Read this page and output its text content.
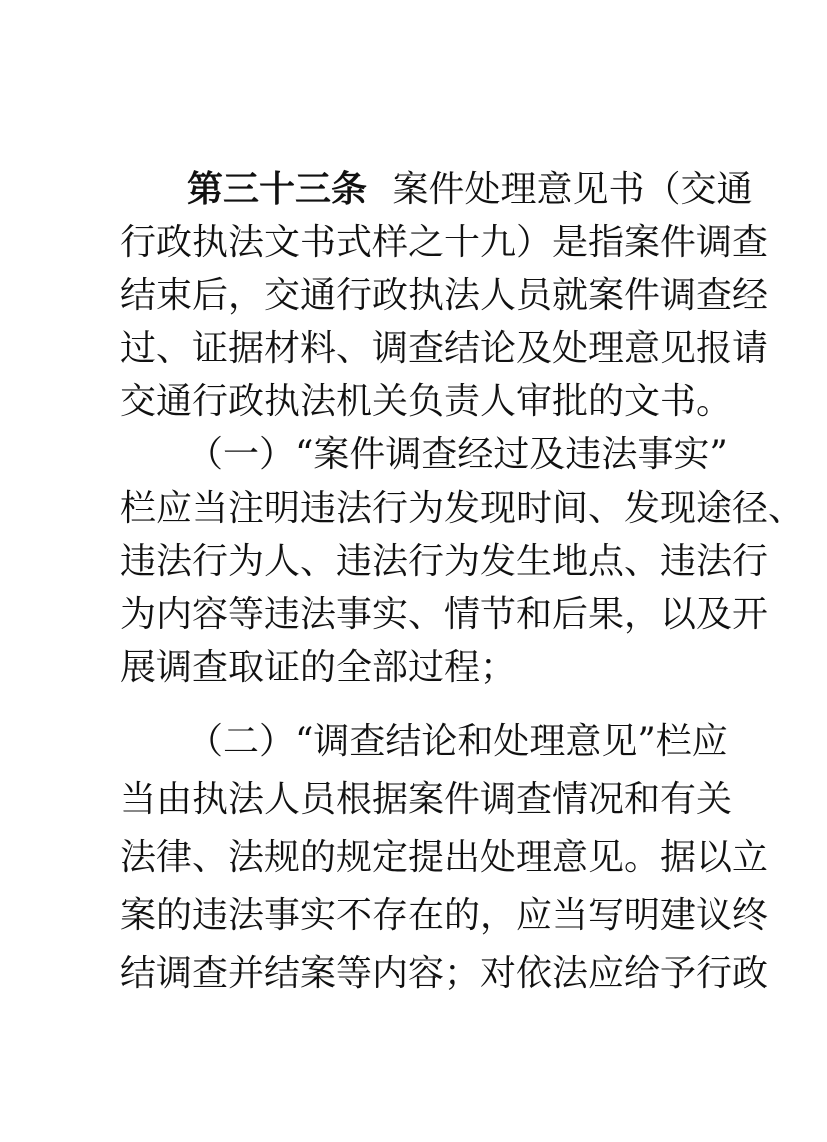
第三十三条 案件处理意见书（交通
行政执法文书式样之十九）是指案件调查
结束后，交通行政执法人员就案件调查经
过、证据材料、调查结论及处理意见报请
交通行政执法机关负责人审批的文书。
（一）“案件调查经过及违法事实”
栏应当注明违法行为发现时间、发现途径、
违法行为人、违法行为发生地点、违法行
为内容等违法事实、情节和后果，以及开
展调查取证的全部过程；
（二）“调查结论和处理意见”栏应
当由执法人员根据案件调查情况和有关
法律、法规的规定提出处理意见。据以立
案的违法事实不存在的，应当写明建议终
结调查并结案等内容；对依法应给予行政
